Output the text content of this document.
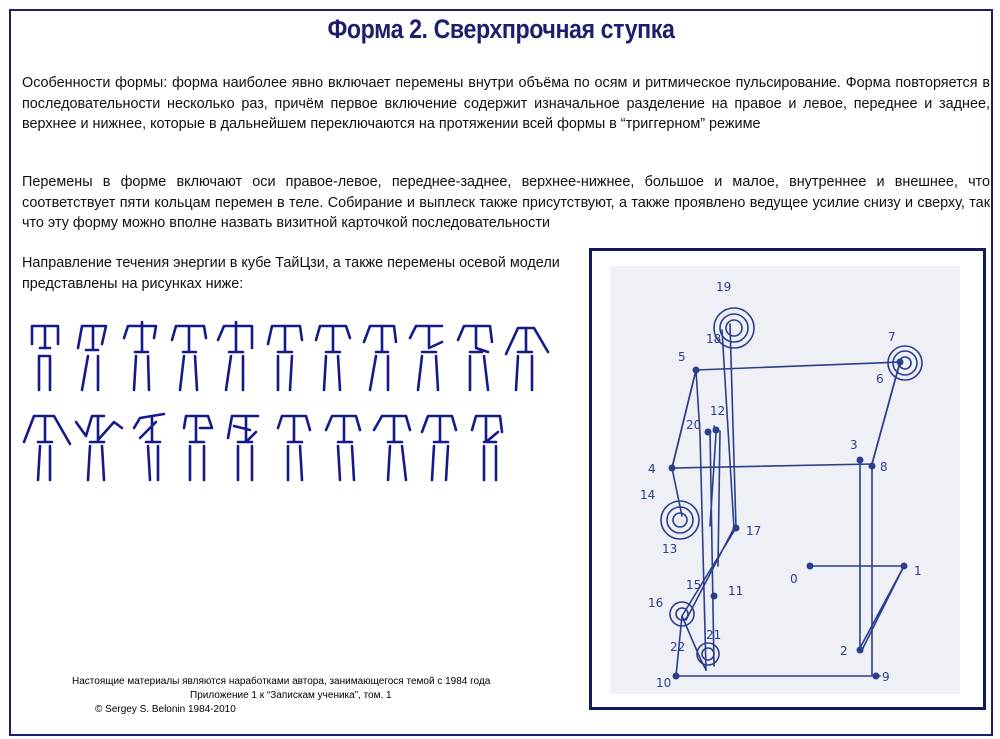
Форма 2. Сверхпрочная ступка

Особенности формы: форма наиболее явно включает перемены внутри объёма по осям и ритмическое пульсирование. Форма повторяется в последовательности несколько раз, причём первое включение содержит изначальное разделение на правое и левое, переднее и заднее, верхнее и нижнее, которые в дальнейшем переключаются на протяжении всей формы в “триггерном” режиме

Перемены в форме включают оси правое-левое, переднее-заднее, верхнее-нижнее, большое и малое, внутреннее и внешнее, что соответствует пяти кольцам перемен в теле. Собирание и выплеск также присутствуют, а также проявлено ведущее усилие снизу и сверху, так что эту форму можно вполне назвать визитной карточкой последовательности

Направление течения энергии в кубе ТайЦзи, а также перемены осевой модели представлены на рисунках ниже:	19
18
5
7
6
12
20
3
4	8
14
13
17
15 11
0
1
16
22
21
2
10	9
Настоящие материалы являются наработками автора, занимающегося темой с 1984 года
Приложение 1 к “Запискам ученика”, том. 1
© Sergey S. Belonin 1984-2010
